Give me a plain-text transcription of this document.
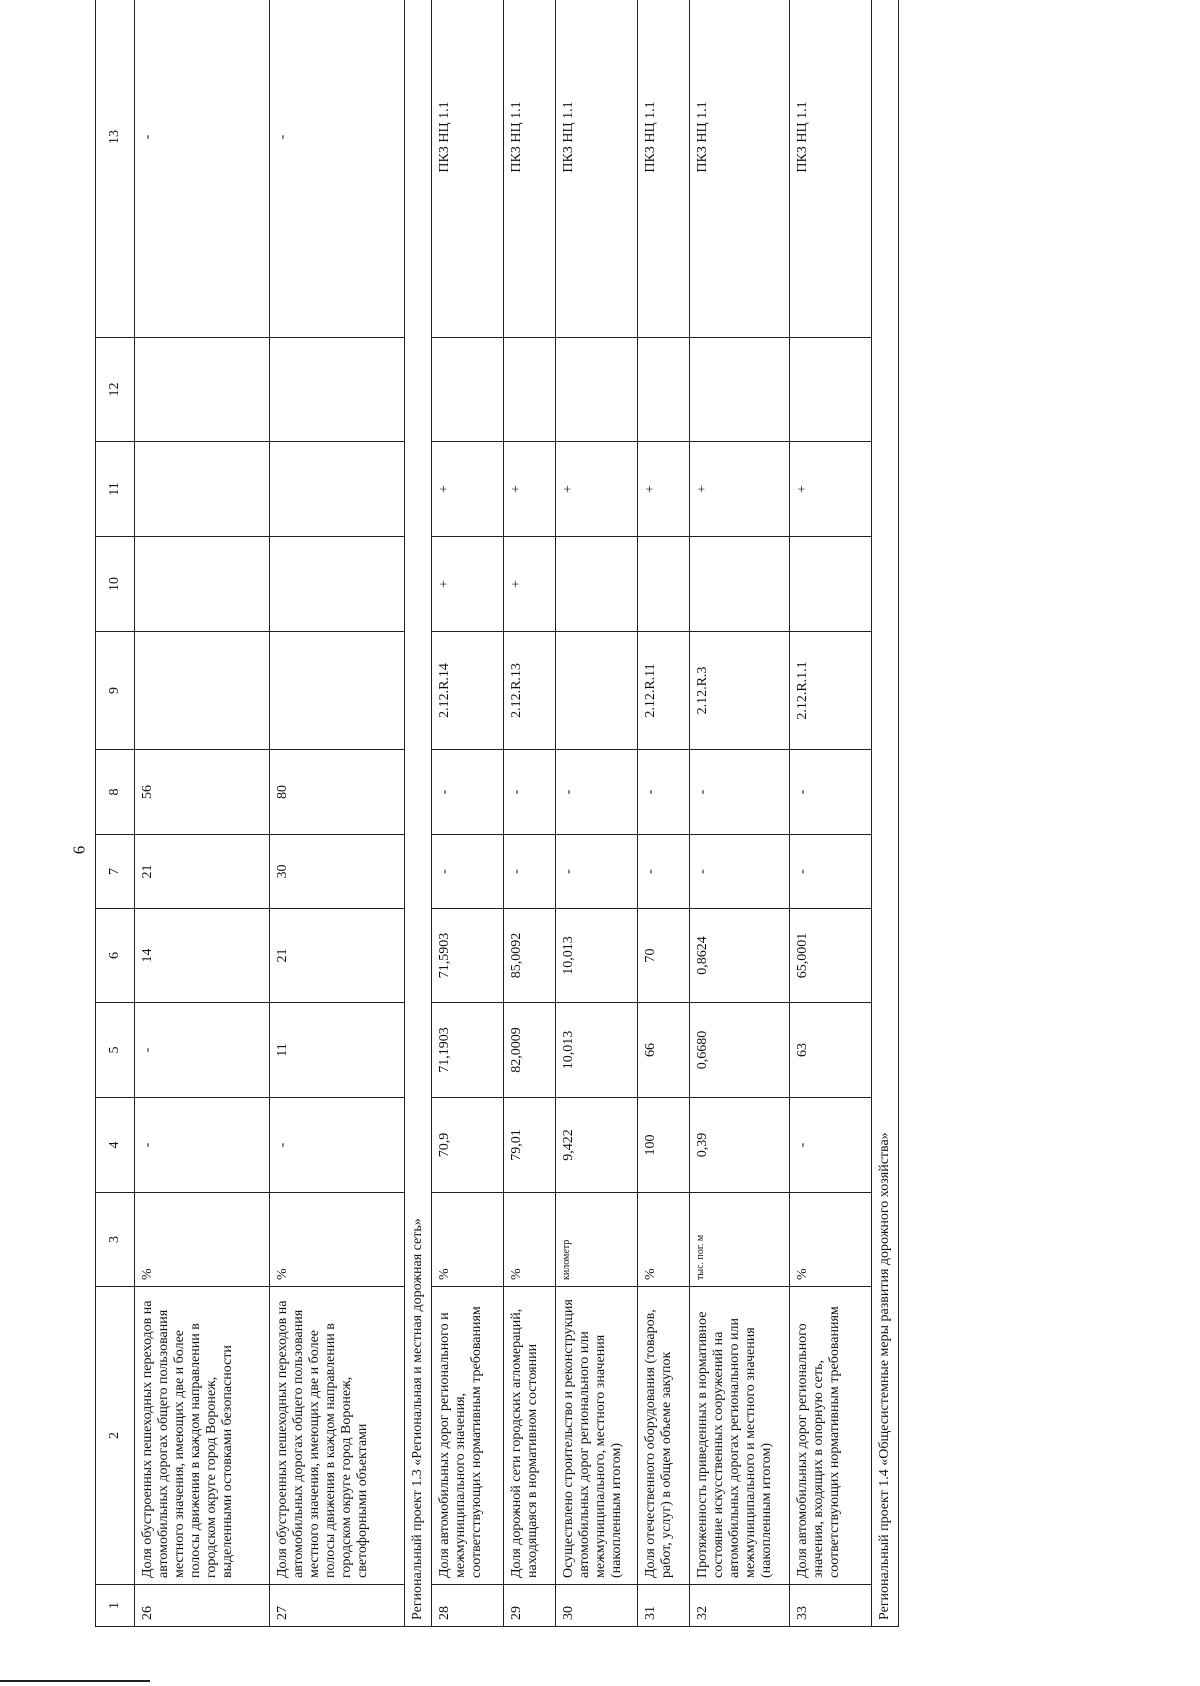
6
1	2	3	4	5	6	7	8	9	10	11	12	13
26	Доля обустроенных пешеходных переходов на автомобильных дорогах общего пользования местного значения, имеющих две и более полосы движения в каждом направлении в городском округе город Воронеж, выделенными остовками безопасности	%	-	-	14	21	56					-
27	Доля обустроенных пешеходных переходов на автомобильных дорогах общего пользования местного значения, имеющих две и более полосы движения в каждом направлении в городском округе город Воронеж, светофорными объектами	%	-	11	21	30	80					-
Региональный проект 1.3 «Региональная и местная дорожная сеть»												
28	Доля автомобильных дорог регионального и межмуниципального значения, соответствующих нормативным требованиям	%	70,9	71,1903	71,5903	-	-	2.12.R.14	+	+		ПКЗ НЦ 1.1
29	Доля дорожной сети городских агломераций, находящаяся в нормативном состоянии	%	79,01	82,0009	85,0092	-	-	2.12.R.13	+	+		ПКЗ НЦ 1.1
30	Осуществлено строительство и реконструкция автомобильных дорог регионального или межмуниципального, местного значения (накопленным итогом)	километр	9,422	10,013	10,013	-	-			+		ПКЗ НЦ 1.1
31	Доля отечественного оборудования (товаров, работ, услуг) в общем объеме закупок	%	100	66	70	-	-	2.12.R.11		+		ПКЗ НЦ 1.1
32	Протяженность приведенных в нормативное состояние искусственных сооружений на автомобильных дорогах регионального или межмуниципального и местного значения (накопленным итогом)	тыс. пог. м	0,39	0,6680	0,8624	-	-	2.12.R.3		+		ПКЗ НЦ 1.1
33	Доля автомобильных дорог регионального значения, входящих в опорную сеть, соответствующих нормативным требованиям	%	-	63	65,0001	-	-	2.12.R.1.1		+		ПКЗ НЦ 1.1
Региональный проект 1.4 «Общесистемные меры развития дорожного хозяйства»												
